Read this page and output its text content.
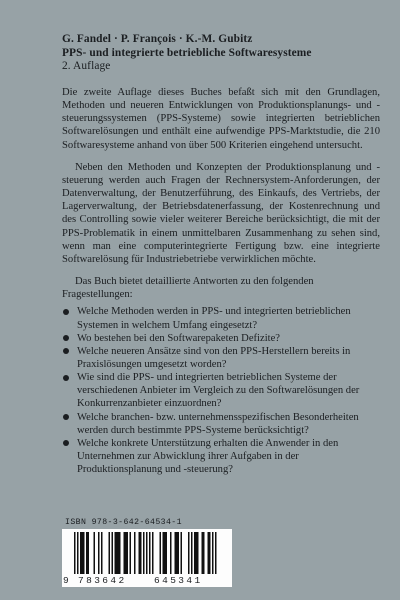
G. Fandel · P. François · K.-M. Gubitz
PPS- und integrierte betriebliche Softwaresysteme
2. Auflage

Die zweite Auflage dieses Buches befaßt sich mit den Grundlagen, Methoden und neueren Entwicklungen von Produktionsplanungs- und -steuerungssystemen (PPS-Systeme) sowie integrierten betrieblichen Softwarelösungen und enthält eine aufwendige PPS-Marktstudie, die 210 Softwaresysteme anhand von über 500 Kriterien eingehend untersucht.

Neben den Methoden und Konzepten der Produktionsplanung und -steuerung werden auch Fragen der Rechnersystem-Anforderungen, der Datenverwaltung, der Benutzerführung, des Einkaufs, des Vertriebs, der Lagerverwaltung, der Betriebsdatenerfassung, der Kostenrechnung und des Controlling sowie vieler weiterer Bereiche berücksichtigt, die mit der PPS-Problematik in einem unmittelbaren Zusammenhang zu sehen sind, wenn man eine computerintegrierte Fertigung bzw. eine integrierte Softwarelösung für Industriebetriebe verwirklichen möchte.

Das Buch bietet detaillierte Antworten zu den folgenden Fragestellungen:

Welche Methoden werden in PPS- und integrierten betrieblichen Systemen in welchem Umfang eingesetzt?
Wo bestehen bei den Softwarepaketen Defizite?
Welche neueren Ansätze sind von den PPS-Herstellern bereits in Praxislösungen umgesetzt worden?
Wie sind die PPS- und integrierten betrieblichen Systeme der verschiedenen Anbieter im Vergleich zu den Softwarelösungen der Konkurrenzanbieter einzuordnen?
Welche branchen- bzw. unternehmensspezifischen Besonderheiten werden durch bestimmte PPS-Systeme berücksichtigt?
Welche konkrete Unterstützung erhalten die Anwender in den Unternehmen zur Abwicklung ihrer Aufgaben in der Produktionsplanung und -steuerung?
ISBN 978-3-642-64534-1
9 783642	645341
